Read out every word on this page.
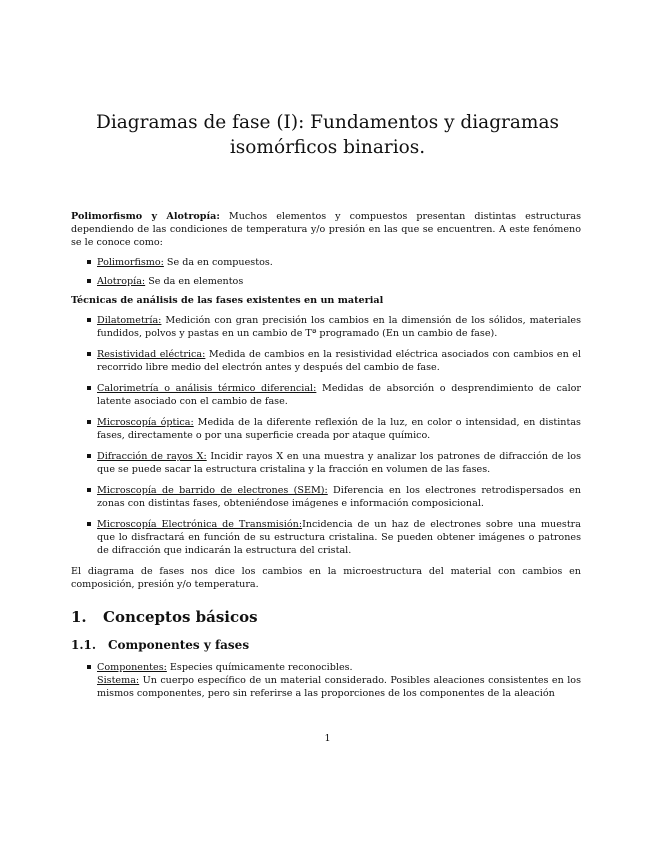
Diagramas de fase (I): Fundamentos y diagramas isomórficos binarios.

Polimorfismo y Alotropía: Muchos elementos y compuestos presentan distintas estructuras dependiendo de las condiciones de temperatura y/o presión en las que se encuentren. A este fenómeno se le conoce como:

Polimorfismo: Se da en compuestos.
Alotropía: Se da en elementos

Técnicas de análisis de las fases existentes en un material

Dilatometría: Medición con gran precisión los cambios en la dimensión de los sólidos, materiales fundidos, polvos y pastas en un cambio de Tª programado (En un cambio de fase).
Resistividad eléctrica: Medida de cambios en la resistividad eléctrica asociados con cambios en el recorrido libre medio del electrón antes y después del cambio de fase.
Calorimetría o análisis térmico diferencial: Medidas de absorción o desprendimiento de calor latente asociado con el cambio de fase.
Microscopía óptica: Medida de la diferente reflexión de la luz, en color o intensidad, en distintas fases, directamente o por una superficie creada por ataque químico.
Difracción de rayos X: Incidir rayos X en una muestra y analizar los patrones de difracción de los que se puede sacar la estructura cristalina y la fracción en volumen de las fases.
Microscopía de barrido de electrones (SEM): Diferencia en los electrones retrodispersados en zonas con distintas fases, obteniéndose imágenes e información composicional.
Microscopía Electrónica de Transmisión:Incidencia de un haz de electrones sobre una muestra que lo disfractará en función de su estructura cristalina. Se pueden obtener imágenes o patrones de difracción que indicarán la estructura del cristal.

El diagrama de fases nos dice los cambios en la microestructura del material con cambios en composición, presión y/o temperatura.

1. Conceptos básicos
1.1. Componentes y fases
Componentes: Especies químicamente reconocibles.
Sistema: Un cuerpo específico de un material considerado. Posibles aleaciones consistentes en los mismos componentes, pero sin referirse a las proporciones de los componentes de la aleación
1
